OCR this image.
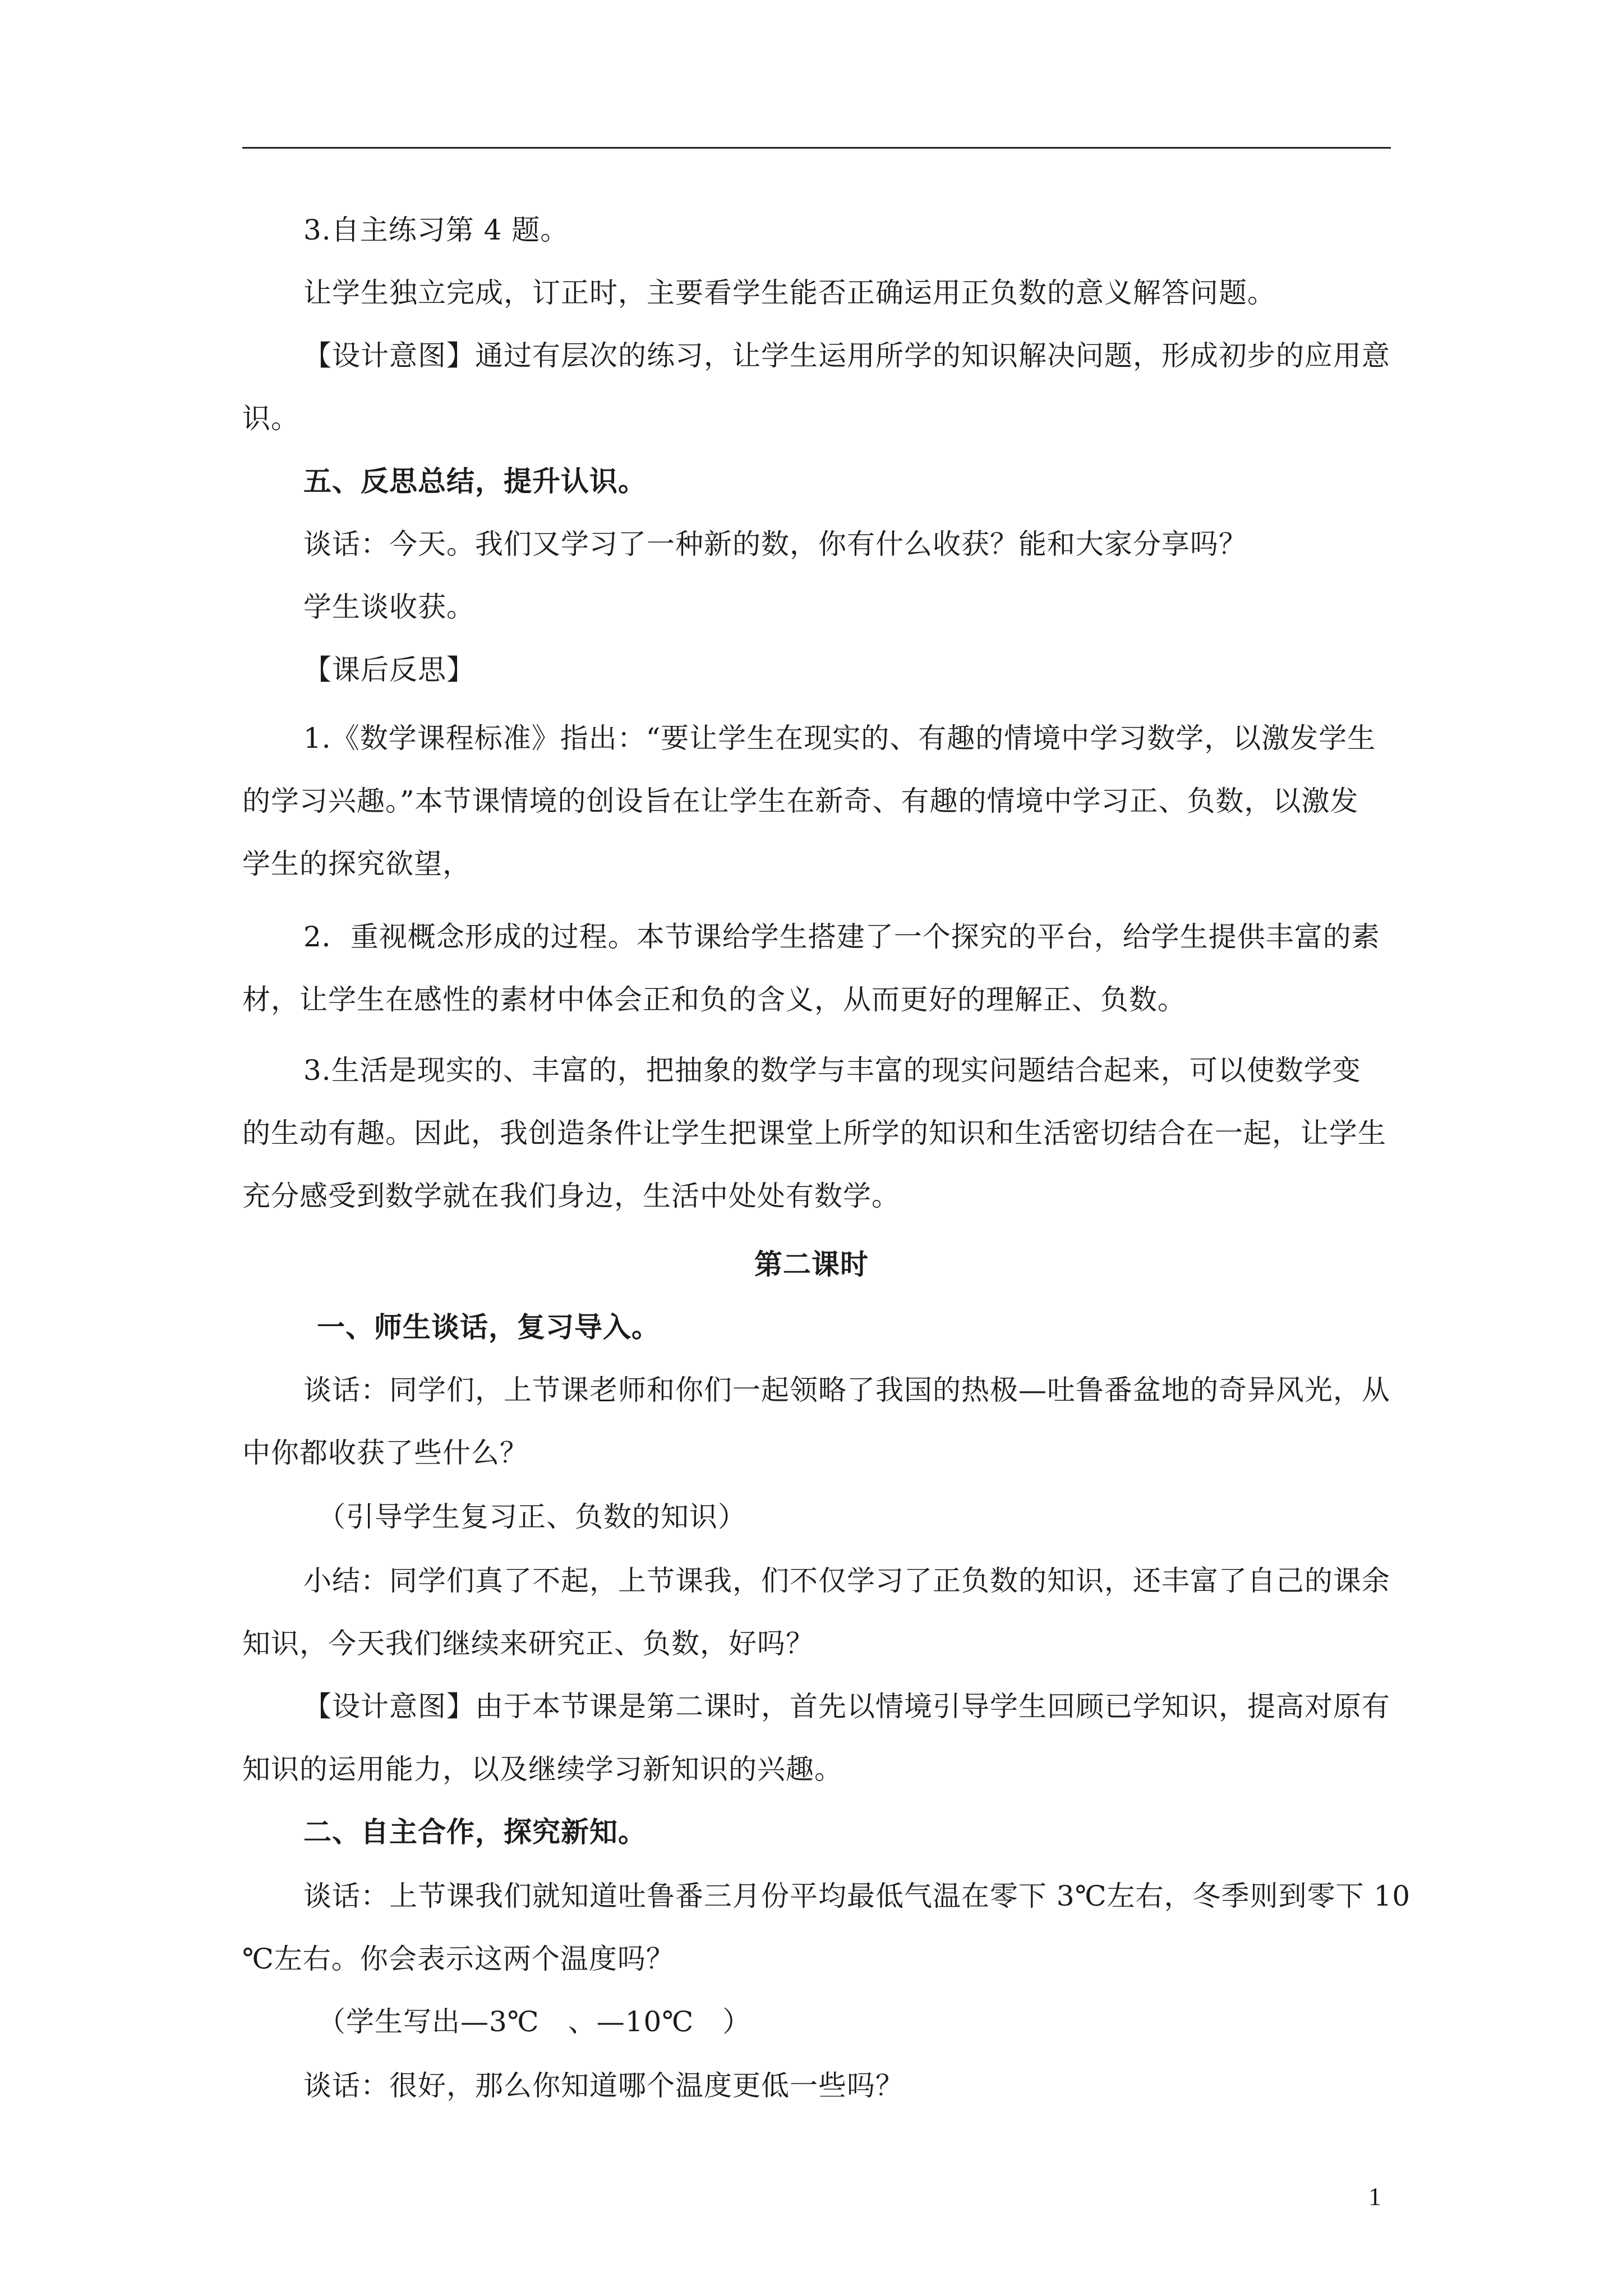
3.自主练习第 4 题。
让学生独立完成，订正时，主要看学生能否正确运用正负数的意义解答问题。
【设计意图】通过有层次的练习，让学生运用所学的知识解决问题，形成初步的应用意
识。
五、反思总结，提升认识。
谈话：今天。我们又学习了一种新的数，你有什么收获？能和大家分享吗？
学生谈收获。
【课后反思】
1.《数学课程标准》指出：“要让学生在现实的、有趣的情境中学习数学，以激发学生
的学习兴趣。”本节课情境的创设旨在让学生在新奇、有趣的情境中学习正、负数，以激发
学生的探究欲望，
2．重视概念形成的过程。本节课给学生搭建了一个探究的平台，给学生提供丰富的素
材，让学生在感性的素材中体会正和负的含义，从而更好的理解正、负数。
3.生活是现实的、丰富的，把抽象的数学与丰富的现实问题结合起来，可以使数学变
的生动有趣。因此，我创造条件让学生把课堂上所学的知识和生活密切结合在一起，让学生
充分感受到数学就在我们身边，生活中处处有数学。
第二课时
一、师生谈话，复习导入。
谈话：同学们，上节课老师和你们一起领略了我国的热极—吐鲁番盆地的奇异风光，从
中你都收获了些什么？
（引导学生复习正、负数的知识）
小结：同学们真了不起，上节课我，们不仅学习了正负数的知识，还丰富了自己的课余
知识，今天我们继续来研究正、负数，好吗？
【设计意图】由于本节课是第二课时，首先以情境引导学生回顾已学知识，提高对原有
知识的运用能力，以及继续学习新知识的兴趣。
二、自主合作，探究新知。
谈话：上节课我们就知道吐鲁番三月份平均最低气温在零下 3℃左右，冬季则到零下 10
℃左右。你会表示这两个温度吗？
（学生写出—3℃　、—10℃　）
谈话：很好，那么你知道哪个温度更低一些吗？
1
